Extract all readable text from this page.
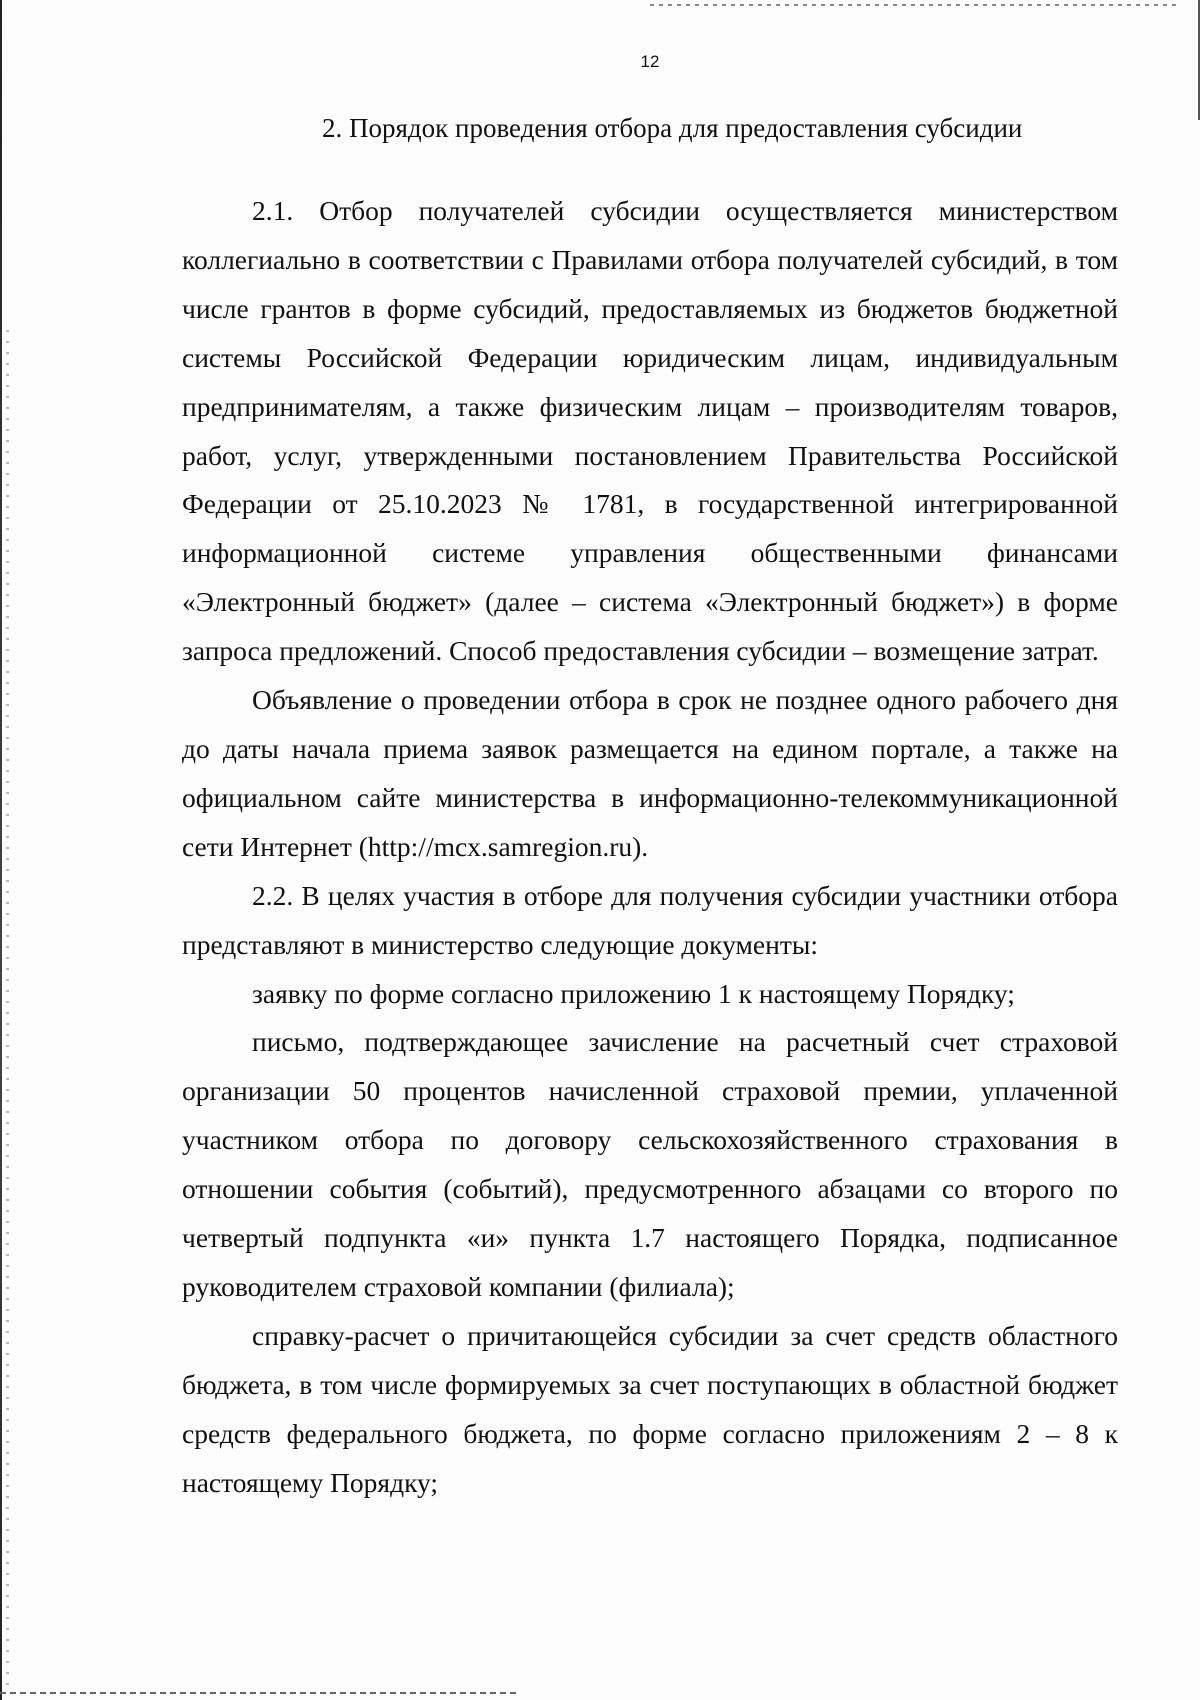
12
2. Порядок проведения отбора для предоставления субсидии

2.1. Отбор получателей субсидии осуществляется министерством коллегиально в соответствии с Правилами отбора получателей субсидий, в том числе грантов в форме субсидий, предоставляемых из бюджетов бюджетной системы Российской Федерации юридическим лицам, индивидуальным предпринимателям, а также физическим лицам – производителям товаров, работ, услуг, утвержденными постановлением Правительства Российской Федерации от 25.10.2023 № 1781, в государственной интегрированной информационной системе управления общественными финансами «Электронный бюджет» (далее – система «Электронный бюджет») в форме запроса предложений. Способ предоставления субсидии – возмещение затрат.

Объявление о проведении отбора в срок не позднее одного рабочего дня до даты начала приема заявок размещается на едином портале, а также на официальном сайте министерства в информационно-телекоммуникационной сети Интернет (http://mcx.samregion.ru).

2.2. В целях участия в отборе для получения субсидии участники отбора представляют в министерство следующие документы:

заявку по форме согласно приложению 1 к настоящему Порядку;

письмо, подтверждающее зачисление на расчетный счет страховой организации 50 процентов начисленной страховой премии, уплаченной участником отбора по договору сельскохозяйственного страхования в отношении события (событий), предусмотренного абзацами со второго по четвертый подпункта «и» пункта 1.7 настоящего Порядка, подписанное руководителем страховой компании (филиала);

справку-расчет о причитающейся субсидии за счет средств областного бюджета, в том числе формируемых за счет поступающих в областной бюджет средств федерального бюджета, по форме согласно приложениям 2 – 8 к настоящему Порядку;
